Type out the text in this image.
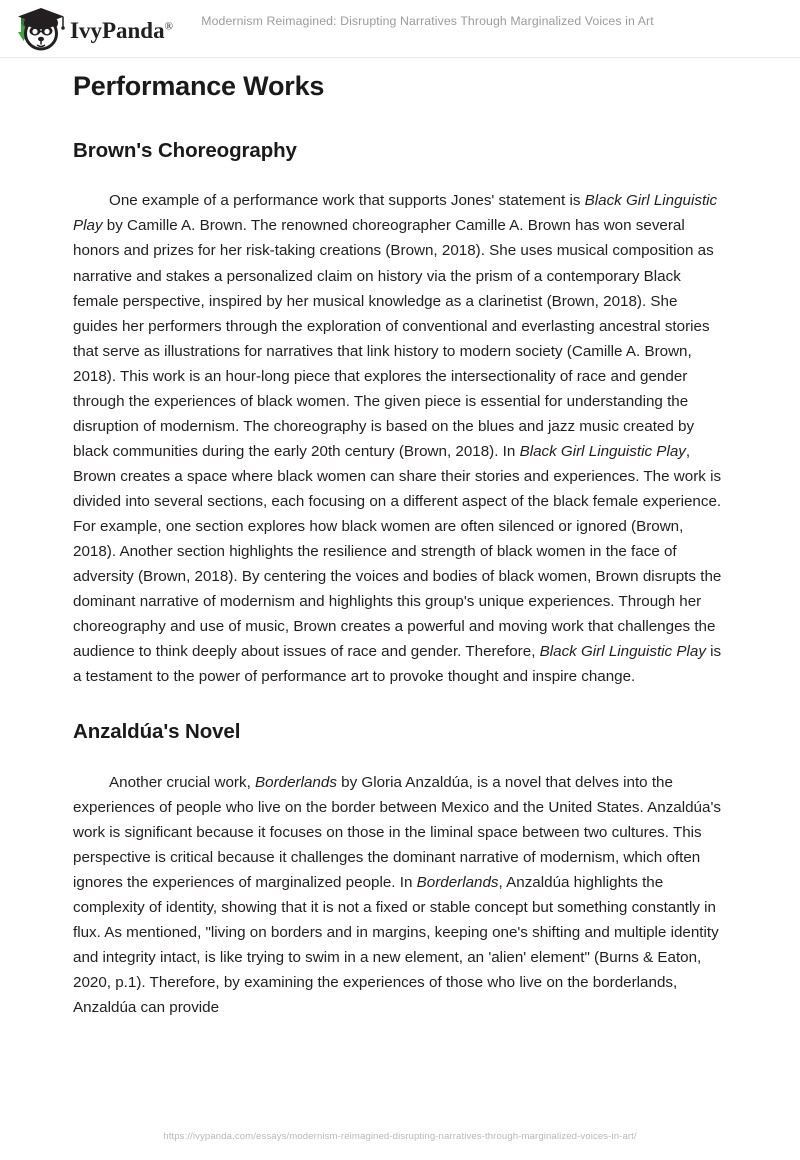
IvyPanda®	Modernism Reimagined: Disrupting Narratives Through Marginalized Voices in Art
Performance Works
Brown's Choreography

One example of a performance work that supports Jones' statement is Black Girl Linguistic Play by Camille A. Brown. The renowned choreographer Camille A. Brown has won several honors and prizes for her risk-taking creations (Brown, 2018). She uses musical composition as narrative and stakes a personalized claim on history via the prism of a contemporary Black female perspective, inspired by her musical knowledge as a clarinetist (Brown, 2018). She guides her performers through the exploration of conventional and everlasting ancestral stories that serve as illustrations for narratives that link history to modern society (Camille A. Brown, 2018). This work is an hour-long piece that explores the intersectionality of race and gender through the experiences of black women. The given piece is essential for understanding the disruption of modernism. The choreography is based on the blues and jazz music created by black communities during the early 20th century (Brown, 2018). In Black Girl Linguistic Play, Brown creates a space where black women can share their stories and experiences. The work is divided into several sections, each focusing on a different aspect of the black female experience. For example, one section explores how black women are often silenced or ignored (Brown, 2018). Another section highlights the resilience and strength of black women in the face of adversity (Brown, 2018). By centering the voices and bodies of black women, Brown disrupts the dominant narrative of modernism and highlights this group's unique experiences. Through her choreography and use of music, Brown creates a powerful and moving work that challenges the audience to think deeply about issues of race and gender. Therefore, Black Girl Linguistic Play is a testament to the power of performance art to provoke thought and inspire change.

Anzaldúa's Novel

Another crucial work, Borderlands by Gloria Anzaldúa, is a novel that delves into the experiences of people who live on the border between Mexico and the United States. Anzaldúa's work is significant because it focuses on those in the liminal space between two cultures. This perspective is critical because it challenges the dominant narrative of modernism, which often ignores the experiences of marginalized people. In Borderlands, Anzaldúa highlights the complexity of identity, showing that it is not a fixed or stable concept but something constantly in flux. As mentioned, "living on borders and in margins, keeping one's shifting and multiple identity and integrity intact, is like trying to swim in a new element, an 'alien' element" (Burns & Eaton, 2020, p.1). Therefore, by examining the experiences of those who live on the borderlands, Anzaldúa can provide

https://ivypanda.com/essays/modernism-reimagined-disrupting-narratives-through-marginalized-voices-in-art/
